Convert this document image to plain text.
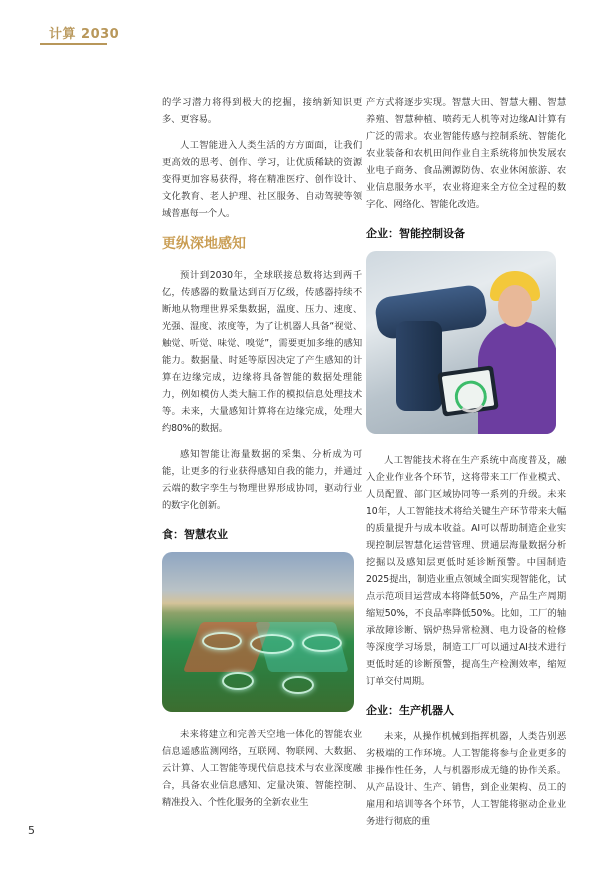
计算 2030

的学习潜力将得到极大的挖掘，接纳新知识更多、更容易。

人工智能进入人类生活的方方面面，让我们更高效的思考、创作、学习，让优质稀缺的资源变得更加容易获得，将在精准医疗、创作设计、文化教育、老人护理、社区服务、自动驾驶等领域普惠每一个人。

更纵深地感知

预计到2030年，全球联接总数将达到两千亿，传感器的数量达到百万亿级，传感器持续不断地从物理世界采集数据，温度、压力、速度、光强、湿度、浓度等，为了让机器人具备“视觉、触觉、听觉、味觉、嗅觉”，需要更加多维的感知能力。数据量、时延等原因决定了产生感知的计算在边缘完成，边缘将具备智能的数据处理能力，例如模仿人类大脑工作的模拟信息处理技术等。未来，大量感知计算将在边缘完成，处理大约80%的数据。

感知智能让海量数据的采集、分析成为可能，让更多的行业获得感知自我的能力，并通过云端的数字孪生与物理世界形成协同，驱动行业的数字化创新。

食：智慧农业

未来将建立和完善天空地一体化的智能农业信息遥感监测网络，互联网、物联网、大数据、云计算、人工智能等现代信息技术与农业深度融合，具备农业信息感知、定量决策、智能控制、精准投入、个性化服务的全新农业生

产方式将逐步实现。智慧大田、智慧大棚、智慧养殖、智慧种植、喷药无人机等对边缘AI计算有广泛的需求。农业智能传感与控制系统、智能化农业装备和农机田间作业自主系统将加快发展农业电子商务、食品溯源防伪、农业休闲旅游、农业信息服务水平，农业将迎来全方位全过程的数字化、网络化、智能化改造。

企业：智能控制设备

人工智能技术将在生产系统中高度普及，融入企业作业各个环节，这将带来工厂作业模式、人员配置、部门区域协同等一系列的升级。未来10年，人工智能技术将给关键生产环节带来大幅的质量提升与成本收益。AI可以帮助制造企业实现控制层智慧化运营管理、贯通层海量数据分析挖掘以及感知层更低时延诊断预警。中国制造2025提出，制造业重点领域全面实现智能化，试点示范项目运营成本将降低50%，产品生产周期缩短50%，不良品率降低50%。比如，工厂的轴承故障诊断、锅炉热异常检测、电力设备的检修等深度学习场景，制造工厂可以通过AI技术进行更低时延的诊断预警，提高生产检测效率，缩短订单交付周期。

企业：生产机器人

未来，从操作机械到指挥机器，人类告别恶劣极端的工作环境。人工智能将参与企业更多的非操作性任务，人与机器形成无缝的协作关系。从产品设计、生产、销售，到企业架构、员工的雇用和培训等各个环节，人工智能将驱动企业业务进行彻底的重

5
